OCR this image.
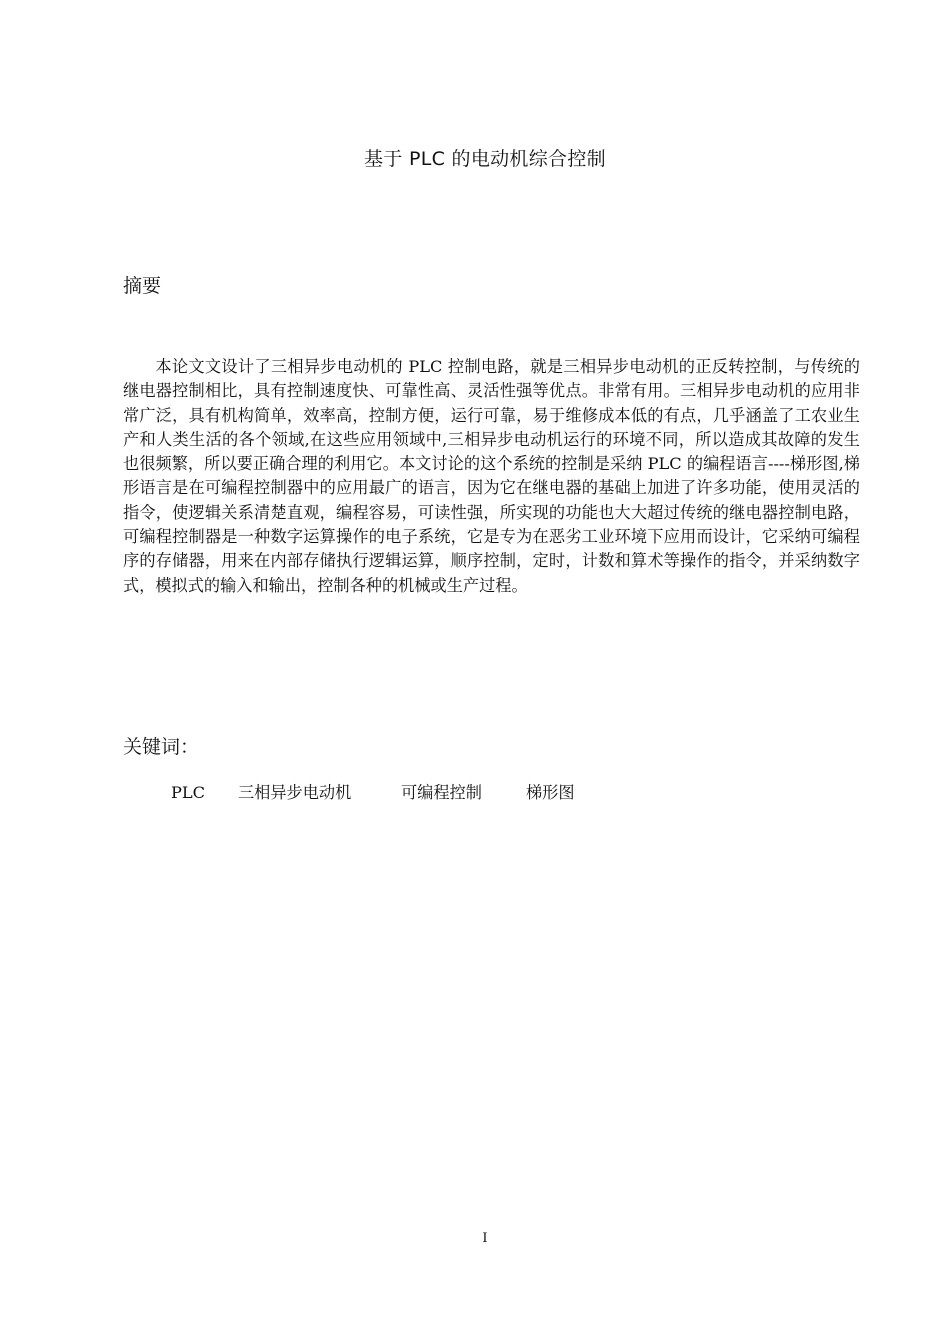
基于 PLC 的电动机综合控制
摘要

本论文文设计了三相异步电动机的 PLC 控制电路，就是三相异步电动机的正反转控制，与传统的继电器控制相比，具有控制速度快、可靠性高、灵活性强等优点。非常有用。三相异步电动机的应用非常广泛，具有机构简单，效率高，控制方便，运行可靠，易于维修成本低的有点，几乎涵盖了工农业生产和人类生活的各个领域,在这些应用领域中,三相异步电动机运行的环境不同，所以造成其故障的发生也很频繁，所以要正确合理的利用它。本文讨论的这个系统的控制是采纳 PLC 的编程语言----梯形图,梯形语言是在可编程控制器中的应用最广的语言，因为它在继电器的基础上加进了许多功能，使用灵活的指令，使逻辑关系清楚直观，编程容易，可读性强，所实现的功能也大大超过传统的继电器控制电路，可编程控制器是一种数字运算操作的电子系统，它是专为在恶劣工业环境下应用而设计，它采纳可编程序的存储器，用来在内部存储执行逻辑运算，顺序控制，定时，计数和算术等操作的指令，并采纳数字式，模拟式的输入和输出，控制各种的机械或生产过程。

关键词：
PLC	三相异步电动机	可编程控制	梯形图
I
